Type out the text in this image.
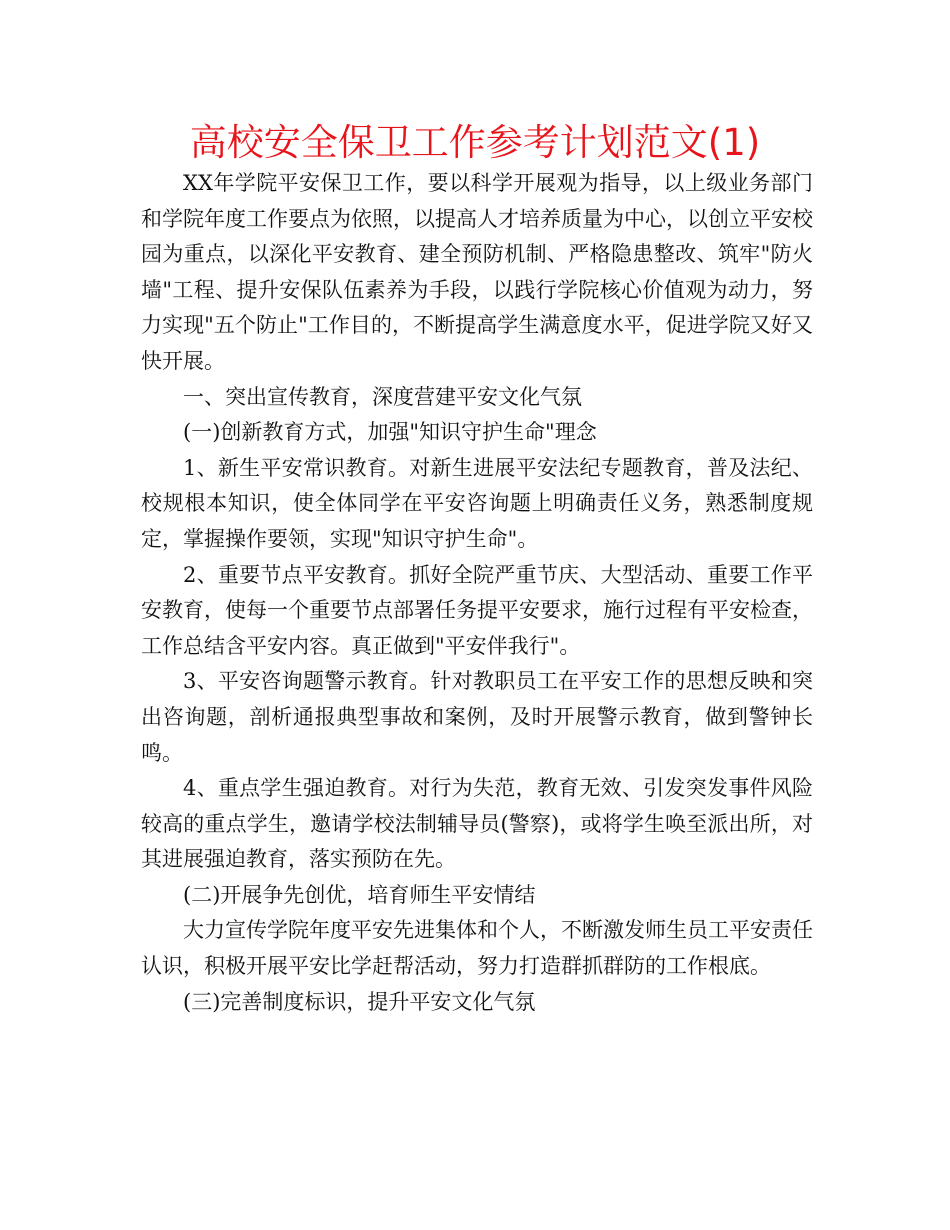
高校安全保卫工作参考计划范文(1)

XX年学院平安保卫工作，要以科学开展观为指导，以上级业务部门和学院年度工作要点为依照，以提高人才培养质量为中心，以创立平安校园为重点，以深化平安教育、建全预防机制、严格隐患整改、筑牢"防火墙"工程、提升安保队伍素养为手段，以践行学院核心价值观为动力，努力实现"五个防止"工作目的，不断提高学生满意度水平，促进学院又好又快开展。

一、突出宣传教育，深度营建平安文化气氛

(一)创新教育方式，加强"知识守护生命"理念

1、新生平安常识教育。对新生进展平安法纪专题教育，普及法纪、校规根本知识，使全体同学在平安咨询题上明确责任义务，熟悉制度规定，掌握操作要领，实现"知识守护生命"。

2、重要节点平安教育。抓好全院严重节庆、大型活动、重要工作平安教育，使每一个重要节点部署任务提平安要求，施行过程有平安检查，工作总结含平安内容。真正做到"平安伴我行"。

3、平安咨询题警示教育。针对教职员工在平安工作的思想反映和突出咨询题，剖析通报典型事故和案例，及时开展警示教育，做到警钟长鸣。

4、重点学生强迫教育。对行为失范，教育无效、引发突发事件风险较高的重点学生，邀请学校法制辅导员(警察)，或将学生唤至派出所，对其进展强迫教育，落实预防在先。

(二)开展争先创优，培育师生平安情结

大力宣传学院年度平安先进集体和个人，不断激发师生员工平安责任认识，积极开展平安比学赶帮活动，努力打造群抓群防的工作根底。

(三)完善制度标识，提升平安文化气氛
